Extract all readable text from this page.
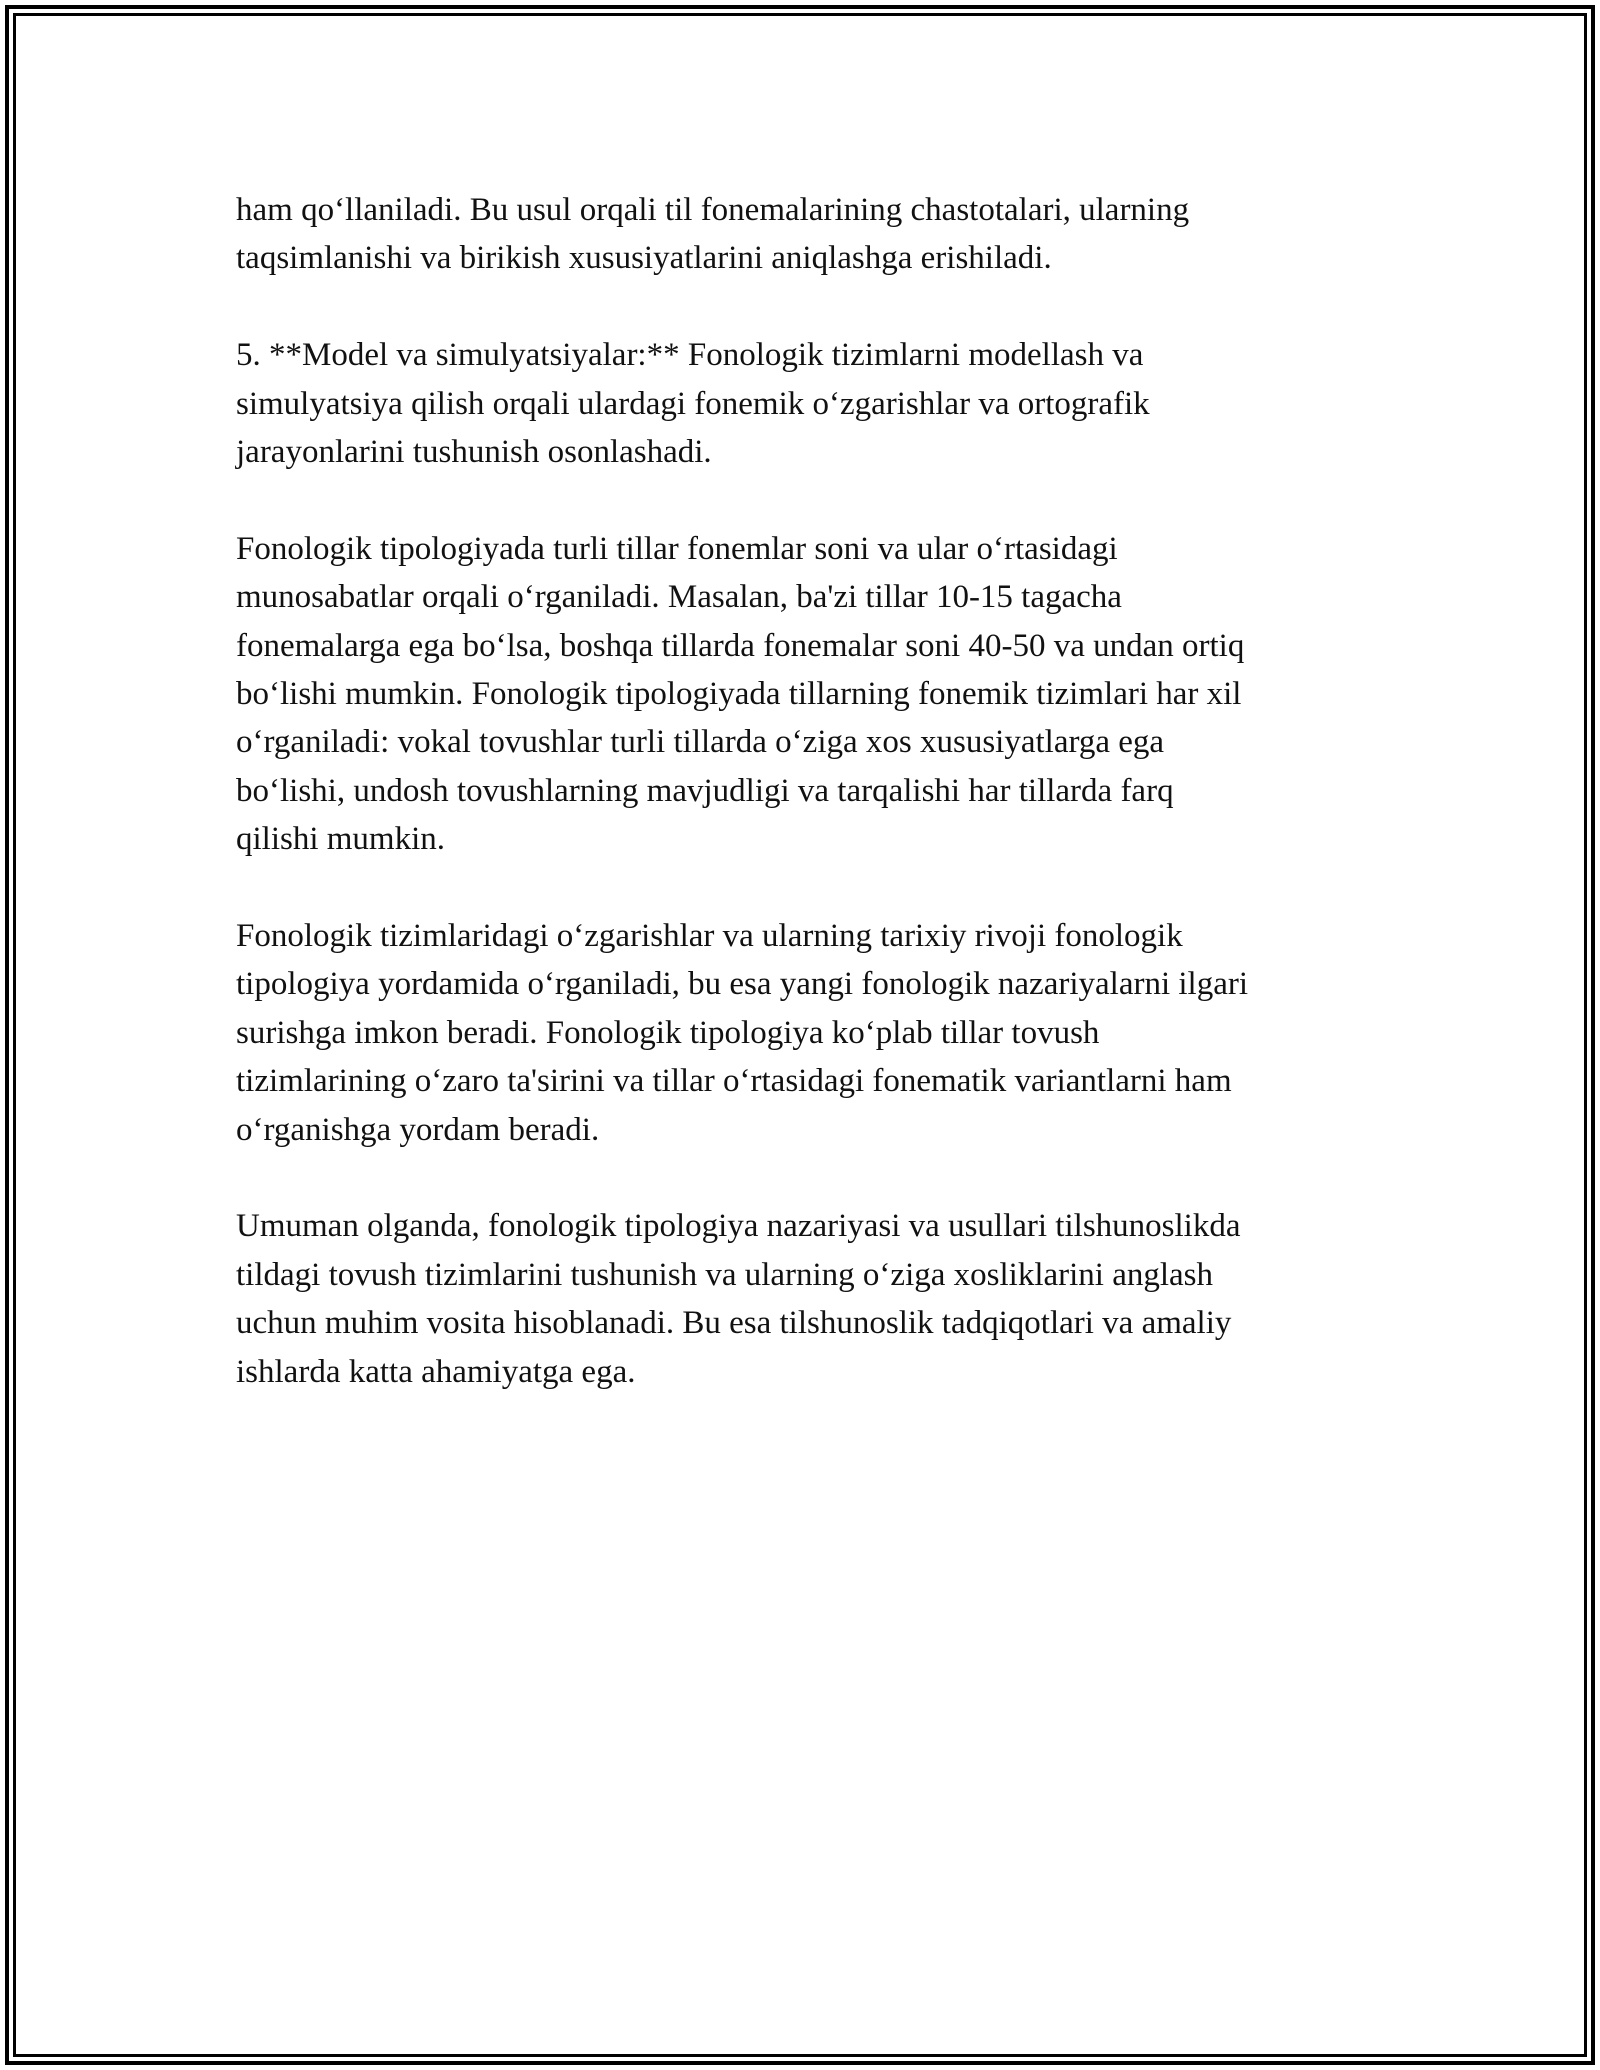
ham qo‘llaniladi. Bu usul orqali til fonemalarining chastotalari, ularning
taqsimlanishi va birikish xususiyatlarini aniqlashga erishiladi.

5. **Model va simulyatsiyalar:** Fonologik tizimlarni modellash va
simulyatsiya qilish orqali ulardagi fonemik o‘zgarishlar va ortografik
jarayonlarini tushunish osonlashadi.

Fonologik tipologiyada turli tillar fonemlar soni va ular o‘rtasidagi
munosabatlar orqali o‘rganiladi. Masalan, ba'zi tillar 10-15 tagacha
fonemalarga ega bo‘lsa, boshqa tillarda fonemalar soni 40-50 va undan ortiq
bo‘lishi mumkin. Fonologik tipologiyada tillarning fonemik tizimlari har xil
o‘rganiladi: vokal tovushlar turli tillarda o‘ziga xos xususiyatlarga ega
bo‘lishi, undosh tovushlarning mavjudligi va tarqalishi har tillarda farq
qilishi mumkin.

Fonologik tizimlaridagi o‘zgarishlar va ularning tarixiy rivoji fonologik
tipologiya yordamida o‘rganiladi, bu esa yangi fonologik nazariyalarni ilgari
surishga imkon beradi. Fonologik tipologiya ko‘plab tillar tovush
tizimlarining o‘zaro ta'sirini va tillar o‘rtasidagi fonematik variantlarni ham
o‘rganishga yordam beradi.

Umuman olganda, fonologik tipologiya nazariyasi va usullari tilshunoslikda
tildagi tovush tizimlarini tushunish va ularning o‘ziga xosliklarini anglash
uchun muhim vosita hisoblanadi. Bu esa tilshunoslik tadqiqotlari va amaliy
ishlarda katta ahamiyatga ega.
